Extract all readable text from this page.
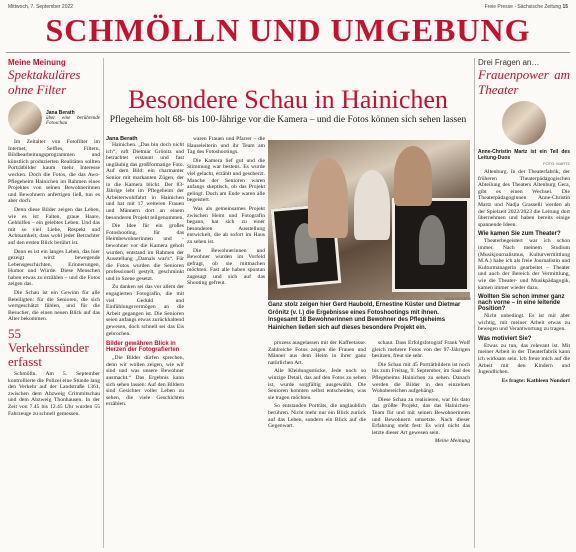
Mittwoch, 7. September 2022	Freie Presse · Sächsische Zeitung 15
SCHMÖLLN UND UMGEBUNG
Meine Meinung
Spektakuläres ohne Filter
Jana Berath
über eine berührende Fotoschau

Im Zeitalter von Fotofilter im Internet, Selfies, Filtern, Bildbearbeitungsprogrammen und künstlich produzierten Realitäten sollten Porträtbilder kaum mehr Interesse wecken. Doch die Fotos, die das Awo-Pflegeheim Hainichen im Rahmen eines Projektes von seinen Bewohnerinnen und Bewohnern anfertigen ließ, tun es aber doch.

Denn diese Bilder zeigen das Leben, wie es ist: Falten, graue Haare, Gehhilfen – ein gelebtes Leben. Und das mit so viel Liebe, Respekt und Achtsamkeit, dass wohl jeder Betrachter auf den ersten Blick berührt ist.

Denn es ist ein langes Leben, das hier gezeigt wird: bewegende Lebensgeschichten, Erinnerungen, Humor und Würde. Diese Menschen haben etwas zu erzählen – und die Fotos zeigen das.

Die Schau ist ein Gewinn für alle Beteiligten: für die Senioren, die sich wertgeschätzt fühlen, und für die Besucher, die einen neuen Blick auf das Alter bekommen.

55 Verkehrssünder erfasst

Schmölln. Am 5. September kontrollierte die Polizei eine Stunde lang den Verkehr auf der Landstraße 1361, zwischen dem Abzweig Crimmitschau und dem Abzweig Thonhausen. In der Zeit von 7.45 bis 12.45 Uhr wurden 55 Fahrzeuge zu schnell gemessen.

Besondere Schau in Hainichen
Pflegeheim holt 68- bis 100-Jährige vor die Kamera – und die Fotos können sich sehen lassen
Jana Berath

Hainichen. „Das bin doch nicht ich“, ruft Dietmar Grönitz und betrachtet erstaunt und fast ungläubig das großformatige Foto. Auf dem Bild: ein charmanter Senior mit markanten Zügen, der in die Kamera blickt. Der 83-Jährige lebt im Pflegeheim der Arbeiterwohlfahrt in Hainichen und hat mit 17 weiteren Frauen und Männern dort an einem besonderen Projekt teilgenommen.

Die Idee für ein großes Fotoshooting, für das Heimbewohnerinnen und -bewohner vor die Kamera geholt wurden, entstand im Rahmen der Ausstellung „Damals war's“. Für die Fotos wurden die Senioren professionell gestylt, geschminkt und in Szene gesetzt.

Zu danken sei das vor allem der engagierten Fotografin, die mit viel Geduld und Einfühlungsvermögen an die Arbeit gegangen ist. Die Senioren seien anfangs etwas zurückhaltend gewesen, doch schnell sei das Eis gebrochen.

Bilder gewähren Blick in Herzen der Fotografierten

„Die Bilder dürfen sprechen, denn wir wollen zeigen, wie wir sind und was unsere Bewohner ausmacht.“ Das Ergebnis kann sich sehen lassen: Auf den Bildern sind Gesichter voller Leben zu sehen, die viele Geschichten erzählen.

waren Frauen und Pfarrer – die Hauseleiterin und ihr Team am Tag des Fotoshootings.

Die Kamera lief gut und die Stimmung war bestens. Es wurde viel gelacht, erzählt und gescherzt. Manche der Senioren waren anfangs skeptisch, ob das Projekt gelingt. Doch am Ende waren alle begeistert.

Was als gemeinsames Projekt zwischen Heim und Fotografin begann, hat sich zu einer besonderen Ausstellung entwickelt, die ab sofort im Haus zu sehen ist.

Die Bewohnerinnen und Bewohner wurden im Vorfeld gefragt, ob sie mitmachen möchten. Fast alle haben spontan zugesagt und sich auf das Shooting gefreut.

JANA BERATH
Ganz stolz zeigen hier Gerd Haubold, Ernestine Küster und Dietmar Grönitz (v. l.) die Ergebnisse eines Fotoshootings mit ihnen. Insgesamt 18 Bewohnerinnen und Bewohner des Pflegeheims Hainichen ließen sich auf dieses besondere Projekt ein.

prozess ausgelassen mit der Kaffeetasse. Zahlreiche Fotos zeigen die Frauen und Männer aus dem Heim in ihrer ganz natürlichen Art.

Alle Kleidungsstücke, Jede noch so winzige Detail, das auf den Fotos zu sehen ist, wurde sorgfältig ausgewählt. Die Senioren konnten selbst entscheiden, was sie tragen möchten.

So entstanden Porträts, die unglaublich berühren. Nicht mehr nur ein Blick zurück auf das Leben, sondern ein Blick auf die Gegenwart.

schaut. Dass Erfolgsfotograf Frank Wolf gleich mehrere Fotos von der 97-Jährigen besitzen, freut sie sehr.

Die Schau mit 45 Porträtbildern ist noch bis zum Freitag, 9. September, im Saal des Pflegeheims Hainichen zu sehen. Danach werden die Bilder in den einzelnen Wohnbereichen aufgehängt.

Diese Schau zu realisieren, war bis dato das größte Projekt, das das Hainichen-Team für und mit seinen Bewohnerinnen und Bewohnern umsetzte. Nach dieser Erfahrung steht fest: Es wird nicht das letzte dieser Art gewesen sein.

Meine Meinung
Drei Fragen an…
Frauenpower am Theater
Anne-Christin Martz ist ein Teil des Leitung-Duos
FOTO: MARTZ

Altenburg. In der Theaterfabrik, der früheren Theaterpädagogischen Abteilung des Theaters Altenburg Gera, gibt es einen Wechsel. Die Theaterpädagoginnen Anne-Christin Martz und Nadja Grasselli werden ab der Spielzeit 2022/2023 die Leitung dort übernehmen und haben bereits einige spannende Ideen.

Wie kamen Sie zum Theater?

Theaterbegeistert war ich schon immer. Nach meinem Studium (Musikjournalismus, Kulturvermittlung M.A.) habe ich als freie Journalistin und Kulturmanagerin gearbeitet – Theater und auch der Bereich der Vermittlung, wie die Theater- und Musikpädagogik, kamen immer wieder dazu.

Wollten Sie schon immer ganz nach vorne – in eine leitende Position?

Nicht unbedingt. Es ist mir aber wichtig, mit meiner Arbeit etwas zu bewegen und Verantwortung zu tragen.

Was motiviert Sie?

Etwas zu tun, das relevant ist. Mit meiner Arbeit in der Theaterfabrik kann ich wirksam sein. Ich freue mich auf die Arbeit mit den Kindern und Jugendlichen.

Es fragte: Kathleen Nondorf
